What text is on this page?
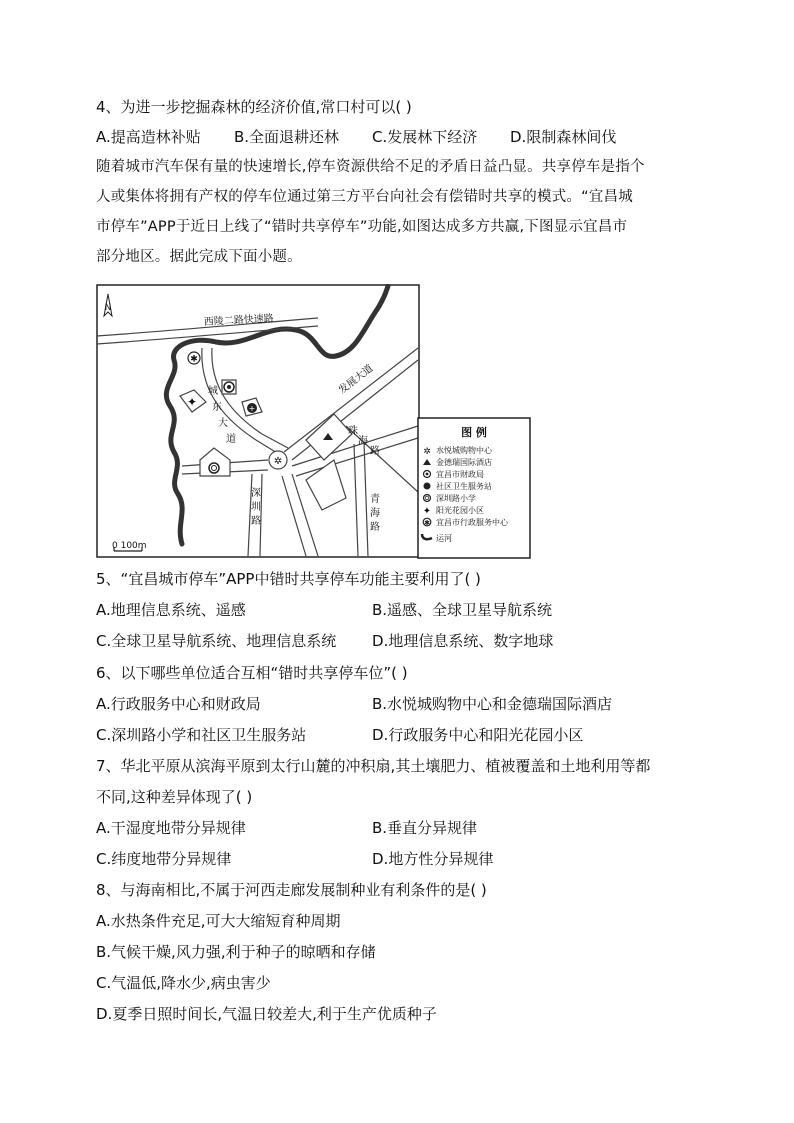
4、为进一步挖掘森林的经济价值,常口村可以( )
A.提高造林补贴 B.全面退耕还林 C.发展林下经济 D.限制森林间伐
随着城市汽车保有量的快速增长,停车资源供给不足的矛盾日益凸显。共享停车是指个
人或集体将拥有产权的停车位通过第三方平台向社会有偿错时共享的模式。“宜昌城
市停车”APP于近日上线了“错时共享停车”功能,如图达成多方共赢,下图显示宜昌市
部分地区。据此完成下面小题。
✱
✦	+
✲
N
0 100m
西陵二路快速路
发展大道
城
东
大
道
珠
海
路
深
圳
路
青
海
路
图 例
✲ 水悦城购物中心
金德瑞国际酒店
宜昌市财政局
社区卫生服务站
深圳路小学
✦ 阳光花园小区
✱ 宜昌市行政服务中心
运河
5、“宜昌城市停车”APP中错时共享停车功能主要利用了( )
A.地理信息系统、遥感	B.遥感、全球卫星导航系统
C.全球卫星导航系统、地理信息系统 D.地理信息系统、数字地球
6、以下哪些单位适合互相“错时共享停车位”( )
A.行政服务中心和财政局	B.水悦城购物中心和金德瑞国际酒店
C.深圳路小学和社区卫生服务站	D.行政服务中心和阳光花园小区
7、华北平原从滨海平原到太行山麓的冲积扇,其土壤肥力、植被覆盖和土地利用等都
不同,这种差异体现了( )
A.干湿度地带分异规律	B.垂直分异规律
C.纬度地带分异规律	D.地方性分异规律
8、与海南相比,不属于河西走廊发展制种业有利条件的是( )
A.水热条件充足,可大大缩短育种周期
B.气候干燥,风力强,利于种子的晾晒和存储
C.气温低,降水少,病虫害少
D.夏季日照时间长,气温日较差大,利于生产优质种子
